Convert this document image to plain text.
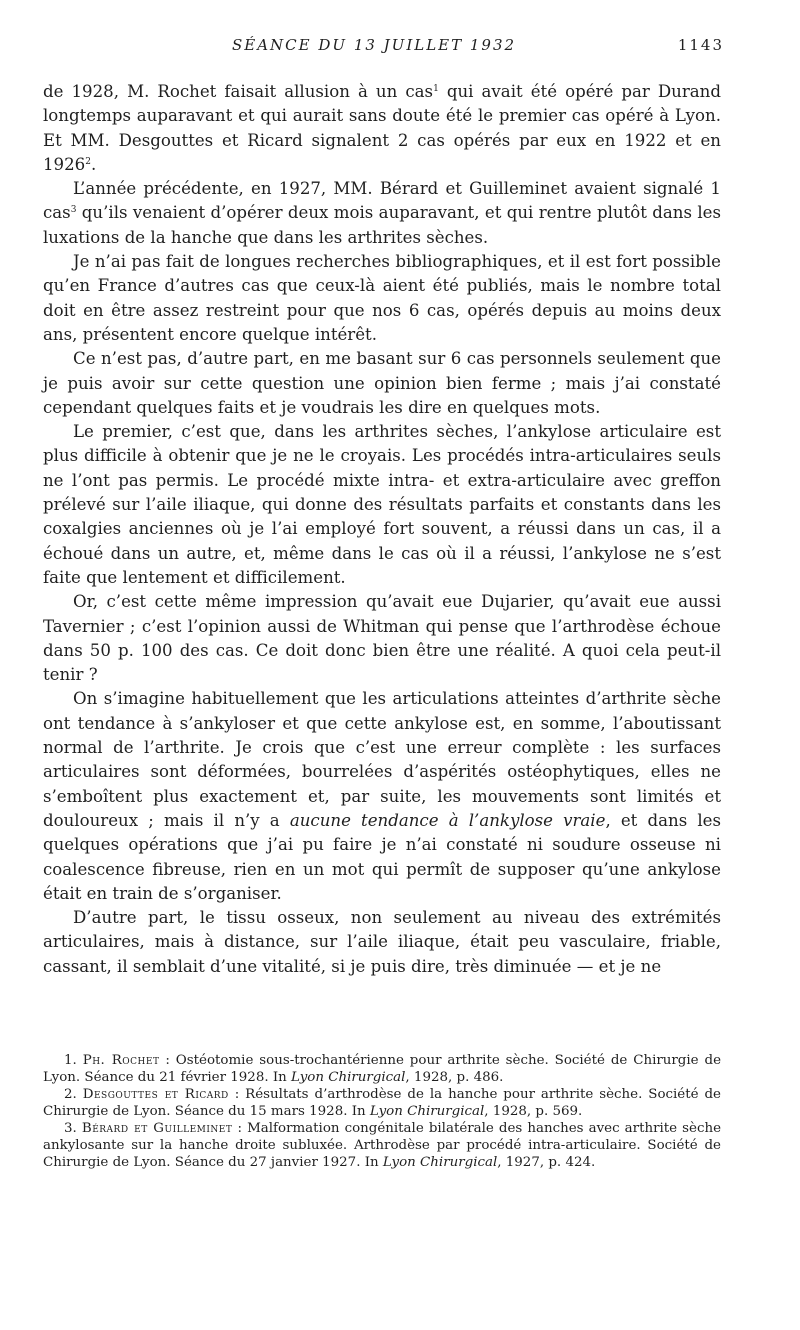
SÉANCE DU 13 JUILLET 1932	1143

de 1928, M. Rochet faisait allusion à un cas$^1$ qui avait été opéré par Durand longtemps auparavant et qui aurait sans doute été le premier cas opéré à Lyon. Et MM. Desgouttes et Ricard signalent 2 cas opérés par eux en 1922 et en 1926$^2$.

L’année précédente, en 1927, MM. Bérard et Guilleminet avaient signalé 1 cas$^3$ qu’ils venaient d’opérer deux mois auparavant, et qui rentre plutôt dans les luxations de la hanche que dans les arthrites sèches.

Je n’ai pas fait de longues recherches bibliographiques, et il est fort possible qu’en France d’autres cas que ceux-là aient été publiés, mais le nombre total doit en être assez restreint pour que nos 6 cas, opérés depuis au moins deux ans, présentent encore quelque intérêt.

Ce n’est pas, d’autre part, en me basant sur 6 cas personnels seulement que je puis avoir sur cette question une opinion bien ferme ; mais j’ai constaté cependant quelques faits et je voudrais les dire en quelques mots.

Le premier, c’est que, dans les arthrites sèches, l’ankylose articulaire est plus difficile à obtenir que je ne le croyais. Les procédés intra-articulaires seuls ne l’ont pas permis. Le procédé mixte intra- et extra-articulaire avec greffon prélevé sur l’aile iliaque, qui donne des résultats parfaits et constants dans les coxalgies anciennes où je l’ai employé fort souvent, a réussi dans un cas, il a échoué dans un autre, et, même dans le cas où il a réussi, l’ankylose ne s’est faite que lentement et difficilement.

Or, c’est cette même impression qu’avait eue Dujarier, qu’avait eue aussi Tavernier ; c’est l’opinion aussi de Whitman qui pense que l’arthrodèse échoue dans 50 p. 100 des cas. Ce doit donc bien être une réalité. A quoi cela peut-il tenir ?

On s’imagine habituellement que les articulations atteintes d’arthrite sèche ont tendance à s’ankyloser et que cette ankylose est, en somme, l’aboutissant normal de l’arthrite. Je crois que c’est une erreur complète : les surfaces articulaires sont déformées, bourrelées d’aspérités ostéophytiques, elles ne s’emboîtent plus exactement et, par suite, les mouvements sont limités et douloureux ; mais il n’y a aucune tendance à l’ankylose vraie, et dans les quelques opérations que j’ai pu faire je n’ai constaté ni soudure osseuse ni coalescence fibreuse, rien en un mot qui permît de supposer qu’une ankylose était en train de s’organiser.

D’autre part, le tissu osseux, non seulement au niveau des extrémités articulaires, mais à distance, sur l’aile iliaque, était peu vasculaire, friable, cassant, il semblait d’une vitalité, si je puis dire, très diminuée — et je ne

1. Ph. Rochet : Ostéotomie sous-trochantérienne pour arthrite sèche. Société de Chirurgie de Lyon. Séance du 21 février 1928. In Lyon Chirurgical, 1928, p. 486.

2. Desgouttes et Ricard : Résultats d’arthrodèse de la hanche pour arthrite sèche. Société de Chirurgie de Lyon. Séance du 15 mars 1928. In Lyon Chirurgical, 1928, p. 569.

3. Bérard et Guilleminet : Malformation congénitale bilatérale des hanches avec arthrite sèche ankylosante sur la hanche droite subluxée. Arthrodèse par procédé intra-articulaire. Société de Chirurgie de Lyon. Séance du 27 janvier 1927. In Lyon Chirurgical, 1927, p. 424.
